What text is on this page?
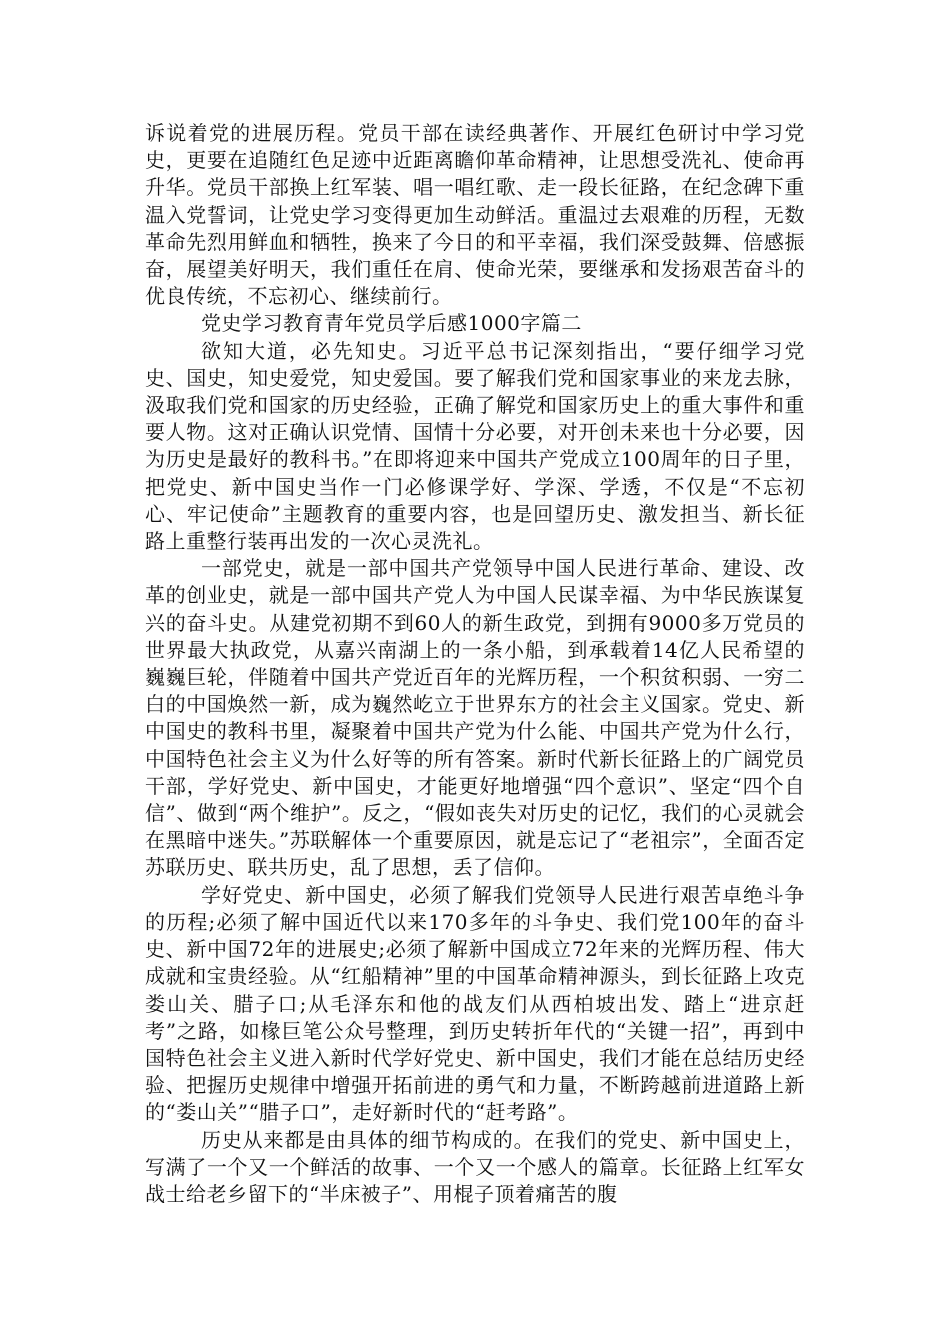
诉说着党的进展历程。党员干部在读经典著作、开展红色研讨中学习党史，更要在追随红色足迹中近距离瞻仰革命精神，让思想受洗礼、使命再升华。党员干部换上红军装、唱一唱红歌、走一段长征路，在纪念碑下重温入党誓词，让党史学习变得更加生动鲜活。重温过去艰难的历程，无数革命先烈用鲜血和牺牲，换来了今日的和平幸福，我们深受鼓舞、倍感振奋，展望美好明天，我们重任在肩、使命光荣，要继承和发扬艰苦奋斗的优良传统，不忘初心、继续前行。

党史学习教育青年党员学后感1000字篇二

欲知大道，必先知史。习近平总书记深刻指出，“要仔细学习党史、国史，知史爱党，知史爱国。要了解我们党和国家事业的来龙去脉，汲取我们党和国家的历史经验，正确了解党和国家历史上的重大事件和重要人物。这对正确认识党情、国情十分必要，对开创未来也十分必要，因为历史是最好的教科书。”在即将迎来中国共产党成立100周年的日子里，把党史、新中国史当作一门必修课学好、学深、学透，不仅是“不忘初心、牢记使命”主题教育的重要内容，也是回望历史、激发担当、新长征路上重整行装再出发的一次心灵洗礼。

一部党史，就是一部中国共产党领导中国人民进行革命、建设、改革的创业史，就是一部中国共产党人为中国人民谋幸福、为中华民族谋复兴的奋斗史。从建党初期不到60人的新生政党，到拥有9000多万党员的世界最大执政党，从嘉兴南湖上的一条小船，到承载着14亿人民希望的巍巍巨轮，伴随着中国共产党近百年的光辉历程，一个积贫积弱、一穷二白的中国焕然一新，成为巍然屹立于世界东方的社会主义国家。党史、新中国史的教科书里，凝聚着中国共产党为什么能、中国共产党为什么行，中国特色社会主义为什么好等的所有答案。新时代新长征路上的广阔党员干部，学好党史、新中国史，才能更好地增强“四个意识”、坚定“四个自信”、做到“两个维护”。反之，“假如丧失对历史的记忆，我们的心灵就会在黑暗中迷失。”苏联解体一个重要原因，就是忘记了“老祖宗”，全面否定苏联历史、联共历史，乱了思想，丢了信仰。

学好党史、新中国史，必须了解我们党领导人民进行艰苦卓绝斗争的历程;必须了解中国近代以来170多年的斗争史、我们党100年的奋斗史、新中国72年的进展史;必须了解新中国成立72年来的光辉历程、伟大成就和宝贵经验。从“红船精神”里的中国革命精神源头，到长征路上攻克娄山关、腊子口;从毛泽东和他的战友们从西柏坡出发、踏上“进京赶考”之路，如椽巨笔公众号整理，到历史转折年代的“关键一招”，再到中国特色社会主义进入新时代学好党史、新中国史，我们才能在总结历史经验、把握历史规律中增强开拓前进的勇气和力量，不断跨越前进道路上新的“娄山关”“腊子口”，走好新时代的“赶考路”。

历史从来都是由具体的细节构成的。在我们的党史、新中国史上，写满了一个又一个鲜活的故事、一个又一个感人的篇章。长征路上红军女战士给老乡留下的“半床被子”、用棍子顶着痛苦的腹
